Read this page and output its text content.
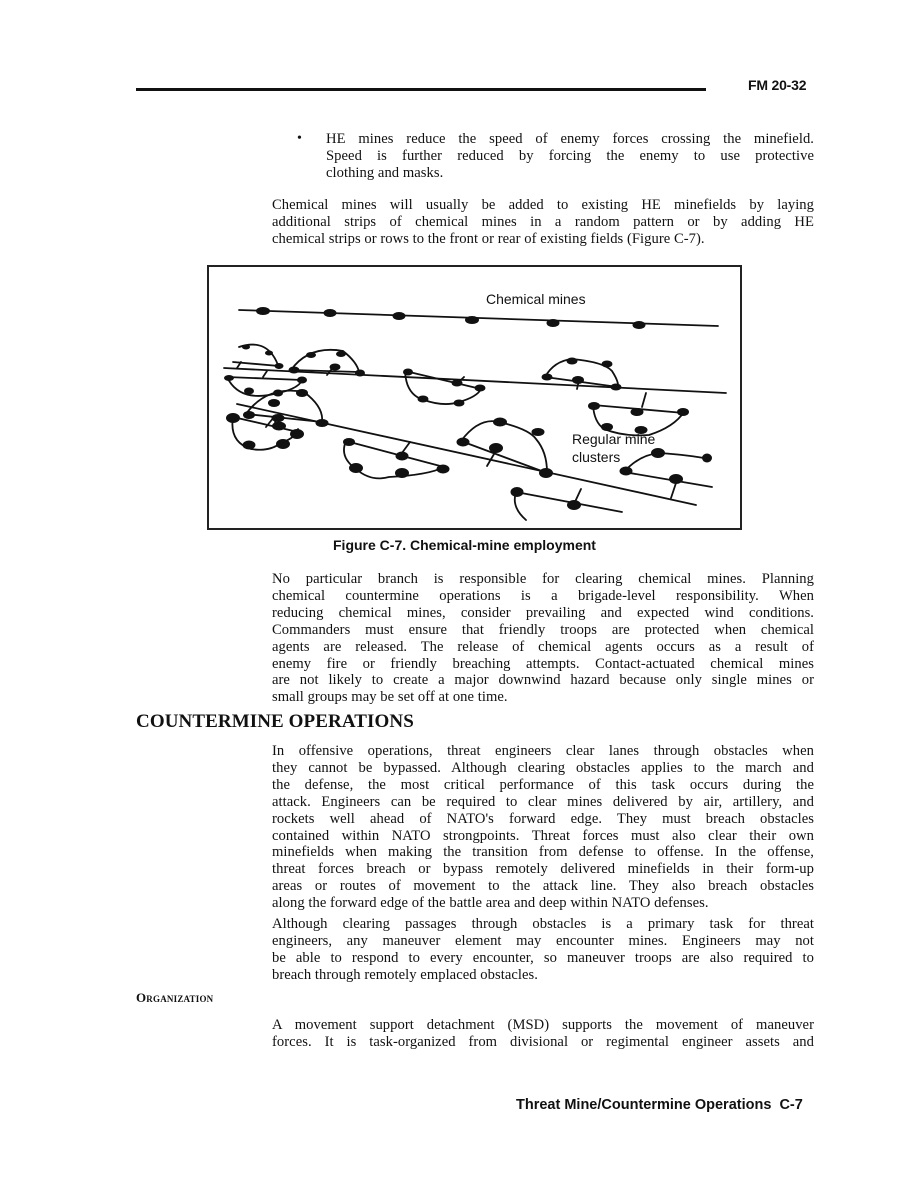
FM 20-32
• HE mines reduce the speed of enemy forces crossing the minefield.
Speed is further reduced by forcing the enemy to use protective
clothing and masks.
Chemical mines will usually be added to existing HE minefields by laying
additional strips of chemical mines in a random pattern or by adding HE
chemical strips or rows to the front or rear of existing fields (Figure C-7).
Chemical mines
Regular mine
clusters
Figure C-7. Chemical-mine employment
No particular branch is responsible for clearing chemical mines. Planning
chemical countermine operations is a brigade-level responsibility. When
reducing chemical mines, consider prevailing and expected wind conditions.
Commanders must ensure that friendly troops are protected when chemical
agents are released. The release of chemical agents occurs as a result of
enemy fire or friendly breaching attempts. Contact-actuated chemical mines
are not likely to create a major downwind hazard because only single mines or
small groups may be set off at one time.
COUNTERMINE OPERATIONS
In offensive operations, threat engineers clear lanes through obstacles when
they cannot be bypassed. Although clearing obstacles applies to the march and
the defense, the most critical performance of this task occurs during the
attack. Engineers can be required to clear mines delivered by air, artillery, and
rockets well ahead of NATO's forward edge. They must breach obstacles
contained within NATO strongpoints. Threat forces must also clear their own
minefields when making the transition from defense to offense. In the offense,
threat forces breach or bypass remotely delivered minefields in their form-up
areas or routes of movement to the attack line. They also breach obstacles
along the forward edge of the battle area and deep within NATO defenses.
Although clearing passages through obstacles is a primary task for threat
engineers, any maneuver element may encounter mines. Engineers may not
be able to respond to every encounter, so maneuver troops are also required to
breach through remotely emplaced obstacles.
Organization
A movement support detachment (MSD) supports the movement of maneuver
forces. It is task-organized from divisional or regimental engineer assets and
Threat Mine/Countermine Operations  C-7
